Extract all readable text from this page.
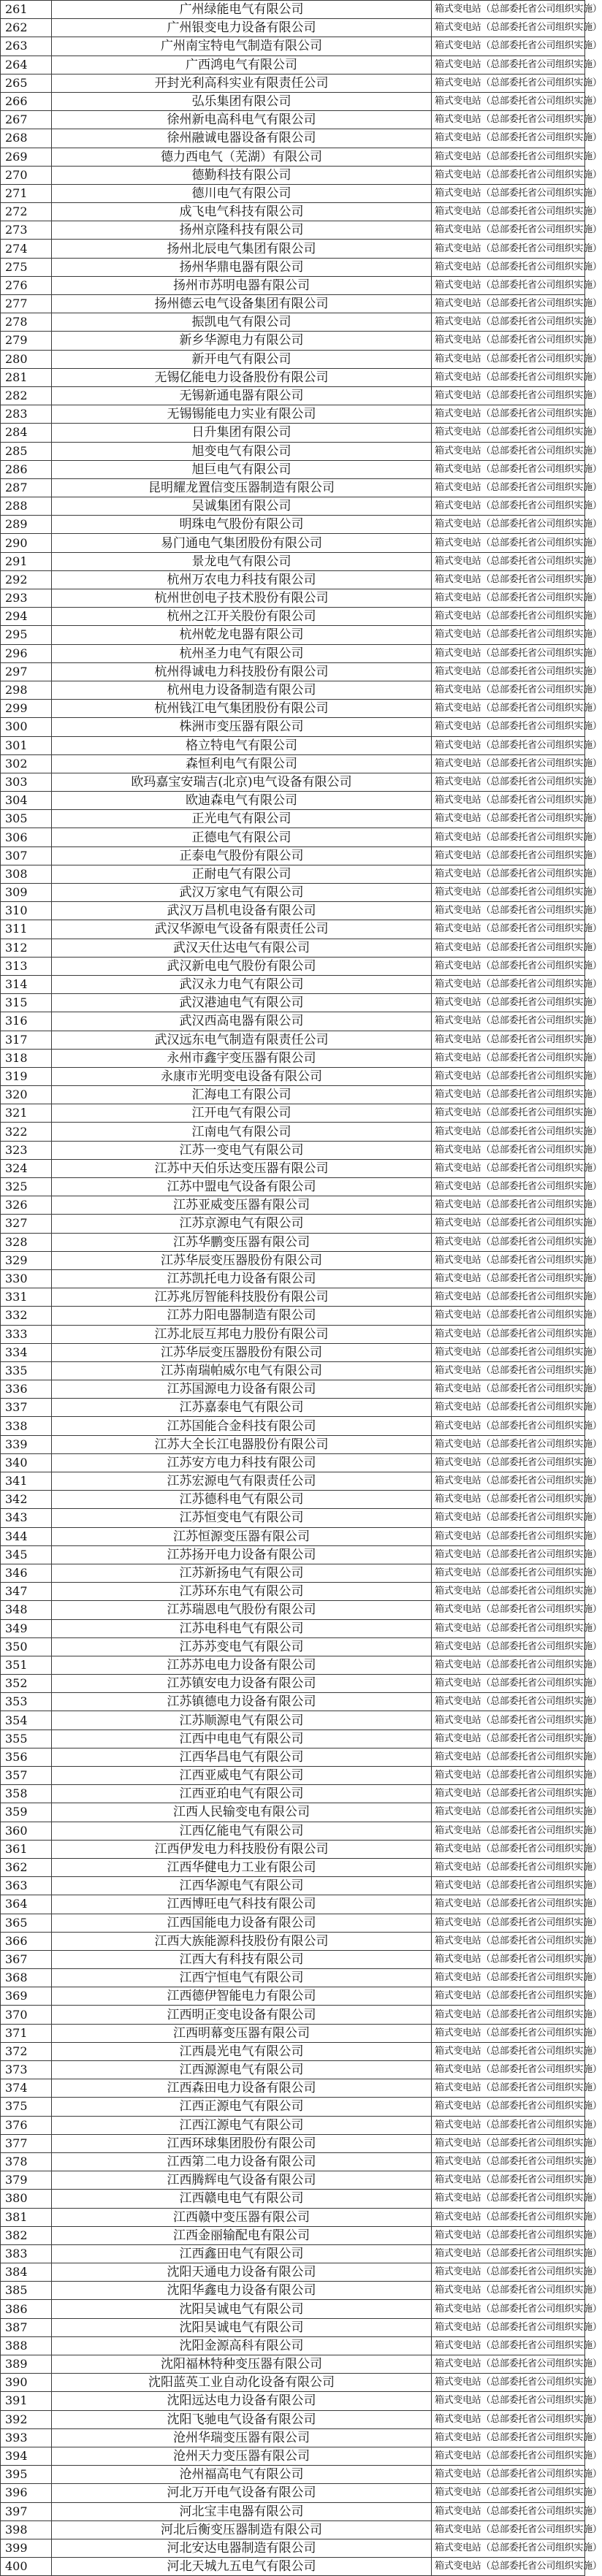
261	广州绿能电气有限公司	箱式变电站（总部委托省公司组织实施）
262	广州银变电力设备有限公司	箱式变电站（总部委托省公司组织实施）
263	广州南宝特电气制造有限公司	箱式变电站（总部委托省公司组织实施）
264	广西鸿电气有限公司	箱式变电站（总部委托省公司组织实施）
265	开封光利高科实业有限责任公司	箱式变电站（总部委托省公司组织实施）
266	弘乐集团有限公司	箱式变电站（总部委托省公司组织实施）
267	徐州新电高科电气有限公司	箱式变电站（总部委托省公司组织实施）
268	徐州融诚电器设备有限公司	箱式变电站（总部委托省公司组织实施）
269	德力西电气（芜湖）有限公司	箱式变电站（总部委托省公司组织实施）
270	德勤科技有限公司	箱式变电站（总部委托省公司组织实施）
271	德川电气有限公司	箱式变电站（总部委托省公司组织实施）
272	成飞电气科技有限公司	箱式变电站（总部委托省公司组织实施）
273	扬州京隆科技有限公司	箱式变电站（总部委托省公司组织实施）
274	扬州北辰电气集团有限公司	箱式变电站（总部委托省公司组织实施）
275	扬州华鼎电器有限公司	箱式变电站（总部委托省公司组织实施）
276	扬州市苏明电器有限公司	箱式变电站（总部委托省公司组织实施）
277	扬州德云电气设备集团有限公司	箱式变电站（总部委托省公司组织实施）
278	振凯电气有限公司	箱式变电站（总部委托省公司组织实施）
279	新乡华源电力有限公司	箱式变电站（总部委托省公司组织实施）
280	新开电气有限公司	箱式变电站（总部委托省公司组织实施）
281	无锡亿能电力设备股份有限公司	箱式变电站（总部委托省公司组织实施）
282	无锡新通电器有限公司	箱式变电站（总部委托省公司组织实施）
283	无锡锡能电力实业有限公司	箱式变电站（总部委托省公司组织实施）
284	日升集团有限公司	箱式变电站（总部委托省公司组织实施）
285	旭变电气有限公司	箱式变电站（总部委托省公司组织实施）
286	旭巨电气有限公司	箱式变电站（总部委托省公司组织实施）
287	昆明耀龙置信变压器制造有限公司	箱式变电站（总部委托省公司组织实施）
288	吴诚集团有限公司	箱式变电站（总部委托省公司组织实施）
289	明珠电气股份有限公司	箱式变电站（总部委托省公司组织实施）
290	易门通电气集团股份有限公司	箱式变电站（总部委托省公司组织实施）
291	景龙电气有限公司	箱式变电站（总部委托省公司组织实施）
292	杭州万农电力科技有限公司	箱式变电站（总部委托省公司组织实施）
293	杭州世创电子技术股份有限公司	箱式变电站（总部委托省公司组织实施）
294	杭州之江开关股份有限公司	箱式变电站（总部委托省公司组织实施）
295	杭州乾龙电器有限公司	箱式变电站（总部委托省公司组织实施）
296	杭州圣力电气有限公司	箱式变电站（总部委托省公司组织实施）
297	杭州得诚电力科技股份有限公司	箱式变电站（总部委托省公司组织实施）
298	杭州电力设备制造有限公司	箱式变电站（总部委托省公司组织实施）
299	杭州钱江电气集团股份有限公司	箱式变电站（总部委托省公司组织实施）
300	株洲市变压器有限公司	箱式变电站（总部委托省公司组织实施）
301	格立特电气有限公司	箱式变电站（总部委托省公司组织实施）
302	森恒利电气有限公司	箱式变电站（总部委托省公司组织实施）
303	欧玛嘉宝安瑞吉(北京)电气设备有限公司	箱式变电站（总部委托省公司组织实施）
304	欧迪森电气有限公司	箱式变电站（总部委托省公司组织实施）
305	正光电气有限公司	箱式变电站（总部委托省公司组织实施）
306	正德电气有限公司	箱式变电站（总部委托省公司组织实施）
307	正泰电气股份有限公司	箱式变电站（总部委托省公司组织实施）
308	正耐电气有限公司	箱式变电站（总部委托省公司组织实施）
309	武汉万家电气有限公司	箱式变电站（总部委托省公司组织实施）
310	武汉万昌机电设备有限公司	箱式变电站（总部委托省公司组织实施）
311	武汉华源电气设备有限责任公司	箱式变电站（总部委托省公司组织实施）
312	武汉天仕达电气有限公司	箱式变电站（总部委托省公司组织实施）
313	武汉新电电气股份有限公司	箱式变电站（总部委托省公司组织实施）
314	武汉永力电气有限公司	箱式变电站（总部委托省公司组织实施）
315	武汉港迪电气有限公司	箱式变电站（总部委托省公司组织实施）
316	武汉西高电器有限公司	箱式变电站（总部委托省公司组织实施）
317	武汉远东电气制造有限责任公司	箱式变电站（总部委托省公司组织实施）
318	永州市鑫宇变压器有限公司	箱式变电站（总部委托省公司组织实施）
319	永康市光明变电设备有限公司	箱式变电站（总部委托省公司组织实施）
320	汇海电工有限公司	箱式变电站（总部委托省公司组织实施）
321	江开电气有限公司	箱式变电站（总部委托省公司组织实施）
322	江南电气有限公司	箱式变电站（总部委托省公司组织实施）
323	江苏一变电气有限公司	箱式变电站（总部委托省公司组织实施）
324	江苏中天伯乐达变压器有限公司	箱式变电站（总部委托省公司组织实施）
325	江苏中盟电气设备有限公司	箱式变电站（总部委托省公司组织实施）
326	江苏亚威变压器有限公司	箱式变电站（总部委托省公司组织实施）
327	江苏京源电气有限公司	箱式变电站（总部委托省公司组织实施）
328	江苏华鹏变压器有限公司	箱式变电站（总部委托省公司组织实施）
329	江苏华辰变压器股份有限公司	箱式变电站（总部委托省公司组织实施）
330	江苏凯托电力设备有限公司	箱式变电站（总部委托省公司组织实施）
331	江苏兆厉智能科技股份有限公司	箱式变电站（总部委托省公司组织实施）
332	江苏力阳电器制造有限公司	箱式变电站（总部委托省公司组织实施）
333	江苏北辰互邦电力股份有限公司	箱式变电站（总部委托省公司组织实施）
334	江苏华辰变压器股份有限公司	箱式变电站（总部委托省公司组织实施）
335	江苏南瑞帕威尔电气有限公司	箱式变电站（总部委托省公司组织实施）
336	江苏国源电力设备有限公司	箱式变电站（总部委托省公司组织实施）
337	江苏嘉泰电气有限公司	箱式变电站（总部委托省公司组织实施）
338	江苏国能合金科技有限公司	箱式变电站（总部委托省公司组织实施）
339	江苏大全长江电器股份有限公司	箱式变电站（总部委托省公司组织实施）
340	江苏安方电力科技有限公司	箱式变电站（总部委托省公司组织实施）
341	江苏宏源电气有限责任公司	箱式变电站（总部委托省公司组织实施）
342	江苏德科电气有限公司	箱式变电站（总部委托省公司组织实施）
343	江苏恒变电气有限公司	箱式变电站（总部委托省公司组织实施）
344	江苏恒源变压器有限公司	箱式变电站（总部委托省公司组织实施）
345	江苏扬开电力设备有限公司	箱式变电站（总部委托省公司组织实施）
346	江苏新扬电气有限公司	箱式变电站（总部委托省公司组织实施）
347	江苏环东电气有限公司	箱式变电站（总部委托省公司组织实施）
348	江苏瑞恩电气股份有限公司	箱式变电站（总部委托省公司组织实施）
349	江苏电科电气有限公司	箱式变电站（总部委托省公司组织实施）
350	江苏苏变电气有限公司	箱式变电站（总部委托省公司组织实施）
351	江苏苏电电力设备有限公司	箱式变电站（总部委托省公司组织实施）
352	江苏镇安电力设备有限公司	箱式变电站（总部委托省公司组织实施）
353	江苏镇德电力设备有限公司	箱式变电站（总部委托省公司组织实施）
354	江苏顺源电气有限公司	箱式变电站（总部委托省公司组织实施）
355	江西中电电气有限公司	箱式变电站（总部委托省公司组织实施）
356	江西华昌电气有限公司	箱式变电站（总部委托省公司组织实施）
357	江西亚威电气有限公司	箱式变电站（总部委托省公司组织实施）
358	江西亚珀电气有限公司	箱式变电站（总部委托省公司组织实施）
359	江西人民输变电有限公司	箱式变电站（总部委托省公司组织实施）
360	江西亿能电气有限公司	箱式变电站（总部委托省公司组织实施）
361	江西伊发电力科技股份有限公司	箱式变电站（总部委托省公司组织实施）
362	江西华健电力工业有限公司	箱式变电站（总部委托省公司组织实施）
363	江西华源电气有限公司	箱式变电站（总部委托省公司组织实施）
364	江西博旺电气科技有限公司	箱式变电站（总部委托省公司组织实施）
365	江西国能电力设备有限公司	箱式变电站（总部委托省公司组织实施）
366	江西大族能源科技股份有限公司	箱式变电站（总部委托省公司组织实施）
367	江西大有科技有限公司	箱式变电站（总部委托省公司组织实施）
368	江西宁恒电气有限公司	箱式变电站（总部委托省公司组织实施）
369	江西德伊智能电力有限公司	箱式变电站（总部委托省公司组织实施）
370	江西明正变电设备有限公司	箱式变电站（总部委托省公司组织实施）
371	江西明幕变压器有限公司	箱式变电站（总部委托省公司组织实施）
372	江西晨光电气有限公司	箱式变电站（总部委托省公司组织实施）
373	江西源源电气有限公司	箱式变电站（总部委托省公司组织实施）
374	江西森田电力设备有限公司	箱式变电站（总部委托省公司组织实施）
375	江西正源电气有限公司	箱式变电站（总部委托省公司组织实施）
376	江西江源电气有限公司	箱式变电站（总部委托省公司组织实施）
377	江西环球集团股份有限公司	箱式变电站（总部委托省公司组织实施）
378	江西第二电力设备有限公司	箱式变电站（总部委托省公司组织实施）
379	江西腾辉电气设备有限公司	箱式变电站（总部委托省公司组织实施）
380	江西赣电电气有限公司	箱式变电站（总部委托省公司组织实施）
381	江西赣中变压器有限公司	箱式变电站（总部委托省公司组织实施）
382	江西金丽输配电有限公司	箱式变电站（总部委托省公司组织实施）
383	江西鑫田电气有限公司	箱式变电站（总部委托省公司组织实施）
384	沈阳天通电力设备有限公司	箱式变电站（总部委托省公司组织实施）
385	沈阳华鑫电力设备有限公司	箱式变电站（总部委托省公司组织实施）
386	沈阳吴诚电气有限公司	箱式变电站（总部委托省公司组织实施）
387	沈阳昊诚电气有限公司	箱式变电站（总部委托省公司组织实施）
388	沈阳金源高科有限公司	箱式变电站（总部委托省公司组织实施）
389	沈阳福林特种变压器有限公司	箱式变电站（总部委托省公司组织实施）
390	沈阳蓝英工业自动化设备有限公司	箱式变电站（总部委托省公司组织实施）
391	沈阳远达电力设备有限公司	箱式变电站（总部委托省公司组织实施）
392	沈阳飞驰电气设备有限公司	箱式变电站（总部委托省公司组织实施）
393	沧州华瑞变压器有限公司	箱式变电站（总部委托省公司组织实施）
394	沧州天力变压器有限公司	箱式变电站（总部委托省公司组织实施）
395	沧州福高电气有限公司	箱式变电站（总部委托省公司组织实施）
396	河北万开电气设备有限公司	箱式变电站（总部委托省公司组织实施）
397	河北宝丰电器有限公司	箱式变电站（总部委托省公司组织实施）
398	河北后衡变压器制造有限公司	箱式变电站（总部委托省公司组织实施）
399	河北安达电器制造有限公司	箱式变电站（总部委托省公司组织实施）
400	河北天城九五电气有限公司	箱式变电站（总部委托省公司组织实施）
